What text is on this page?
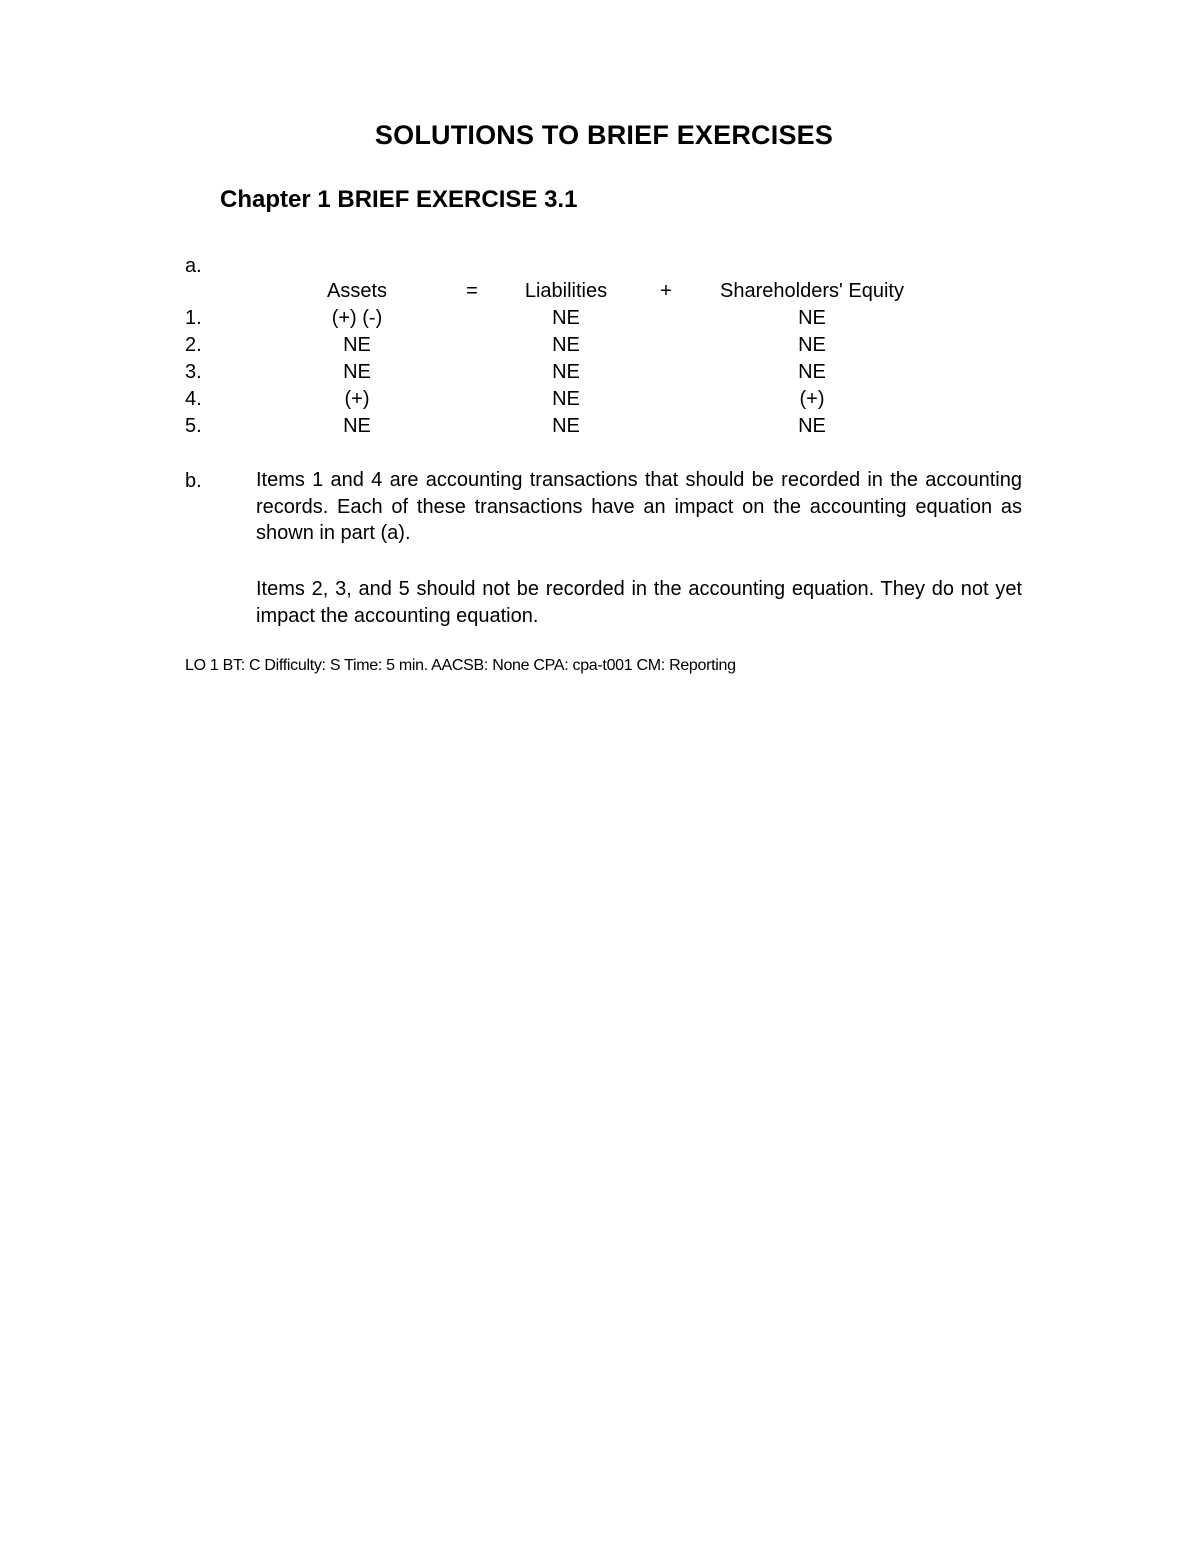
SOLUTIONS TO BRIEF EXERCISES
Chapter 1 BRIEF EXERCISE 3.1
a.
Assets	=	Liabilities	+	Shareholders' Equity
1.	(+) (-)	NE	NE
2.	NE	NE	NE
3.	NE	NE	NE
4.	(+)	NE	(+)
5.	NE	NE	NE
b.	Items 1 and 4 are accounting transactions that should be recorded in the accounting records. Each of these transactions have an impact on the accounting equation as shown in part (a).
Items 2, 3, and 5 should not be recorded in the accounting equation. They do not yet impact the accounting equation.
LO 1 BT: C Difficulty: S Time: 5 min. AACSB: None CPA: cpa-t001 CM: Reporting
